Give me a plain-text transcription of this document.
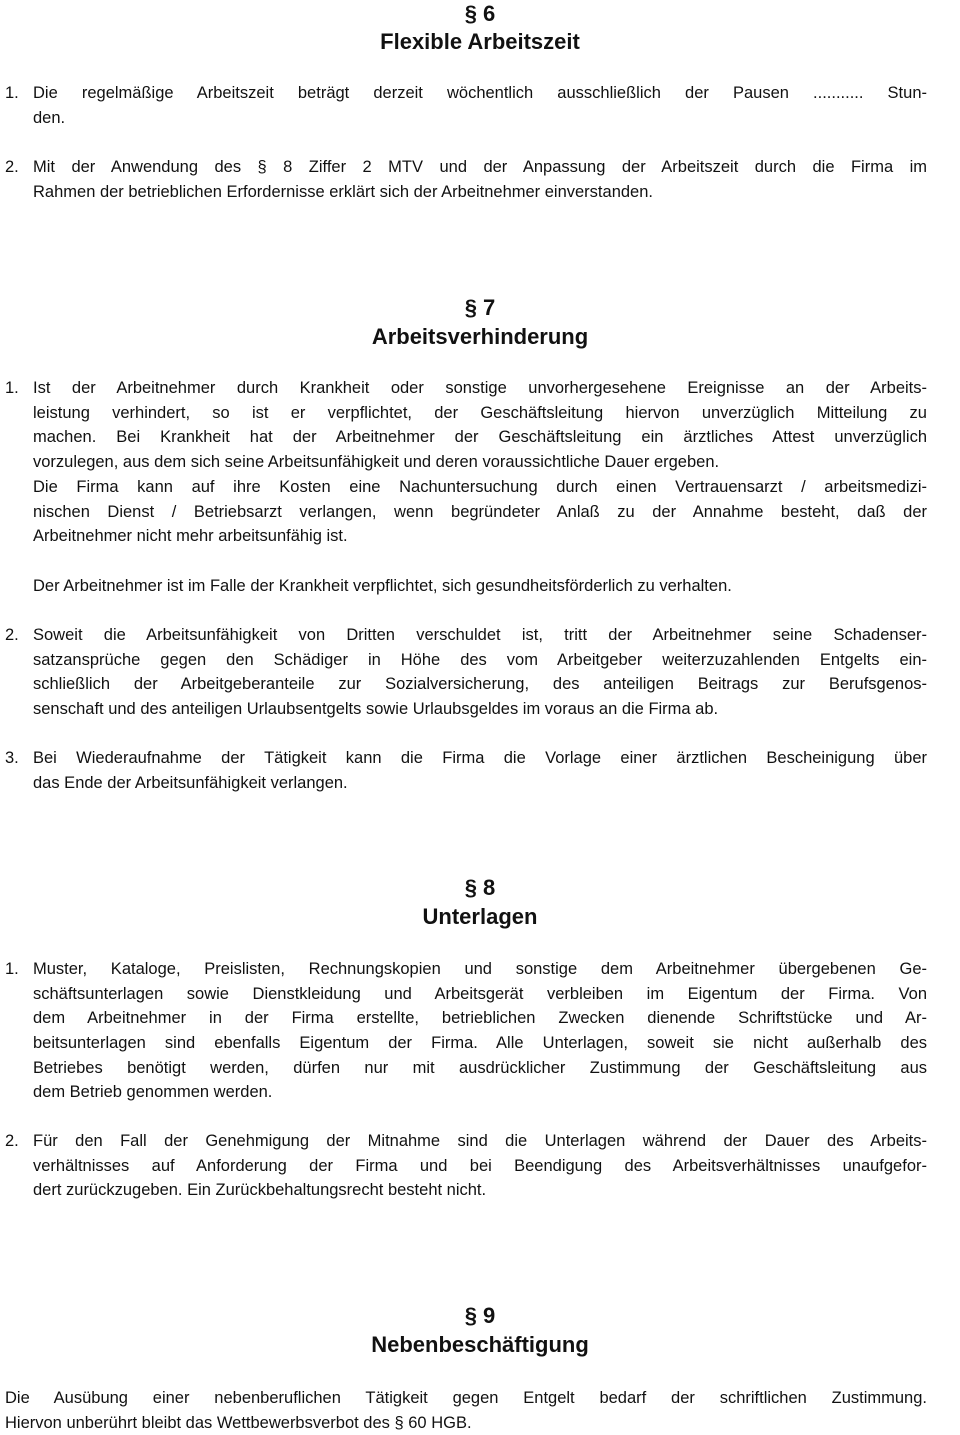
§ 6
Flexible Arbeitszeit
§ 7
Arbeitsverhinderung
§ 8
Unterlagen
§ 9
Nebenbeschäftigung
1. Die regelmäßige Arbeitszeit beträgt derzeit wöchentlich ausschließlich der Pausen ........... Stun-
den.
2. Mit der Anwendung des § 8 Ziffer 2 MTV und der Anpassung der Arbeitszeit durch die Firma im
Rahmen der betrieblichen Erfordernisse erklärt sich der Arbeitnehmer einverstanden.
1. Ist der Arbeitnehmer durch Krankheit oder sonstige unvorhergesehene Ereignisse an der Arbeits-
leistung verhindert, so ist er verpflichtet, der Geschäftsleitung hiervon unverzüglich Mitteilung zu
machen. Bei Krankheit hat der Arbeitnehmer der Geschäftsleitung ein ärztliches Attest unverzüglich
vorzulegen, aus dem sich seine Arbeitsunfähigkeit und deren voraussichtliche Dauer ergeben.
Die Firma kann auf ihre Kosten eine Nachuntersuchung durch einen Vertrauensarzt / arbeitsmedizi-
nischen Dienst / Betriebsarzt verlangen, wenn begründeter Anlaß zu der Annahme besteht, daß der
Arbeitnehmer nicht mehr arbeitsunfähig ist.
Der Arbeitnehmer ist im Falle der Krankheit verpflichtet, sich gesundheitsförderlich zu verhalten.
2. Soweit die Arbeitsunfähigkeit von Dritten verschuldet ist, tritt der Arbeitnehmer seine Schadenser-
satzansprüche gegen den Schädiger in Höhe des vom Arbeitgeber weiterzuzahlenden Entgelts ein-
schließlich der Arbeitgeberanteile zur Sozialversicherung, des anteiligen Beitrags zur Berufsgenos-
senschaft und des anteiligen Urlaubsentgelts sowie Urlaubsgeldes im voraus an die Firma ab.
3. Bei Wiederaufnahme der Tätigkeit kann die Firma die Vorlage einer ärztlichen Bescheinigung über
das Ende der Arbeitsunfähigkeit verlangen.
1. Muster, Kataloge, Preislisten, Rechnungskopien und sonstige dem Arbeitnehmer übergebenen Ge-
schäftsunterlagen sowie Dienstkleidung und Arbeitsgerät verbleiben im Eigentum der Firma. Von
dem Arbeitnehmer in der Firma erstellte, betrieblichen Zwecken dienende Schriftstücke und Ar-
beitsunterlagen sind ebenfalls Eigentum der Firma. Alle Unterlagen, soweit sie nicht außerhalb des
Betriebes benötigt werden, dürfen nur mit ausdrücklicher Zustimmung der Geschäftsleitung aus
dem Betrieb genommen werden.
2. Für den Fall der Genehmigung der Mitnahme sind die Unterlagen während der Dauer des Arbeits-
verhältnisses auf Anforderung der Firma und bei Beendigung des Arbeitsverhältnisses unaufgefor-
dert zurückzugeben. Ein Zurückbehaltungsrecht besteht nicht.
Die Ausübung einer nebenberuflichen Tätigkeit gegen Entgelt bedarf der schriftlichen Zustimmung.
Hiervon unberührt bleibt das Wettbewerbsverbot des § 60 HGB.
